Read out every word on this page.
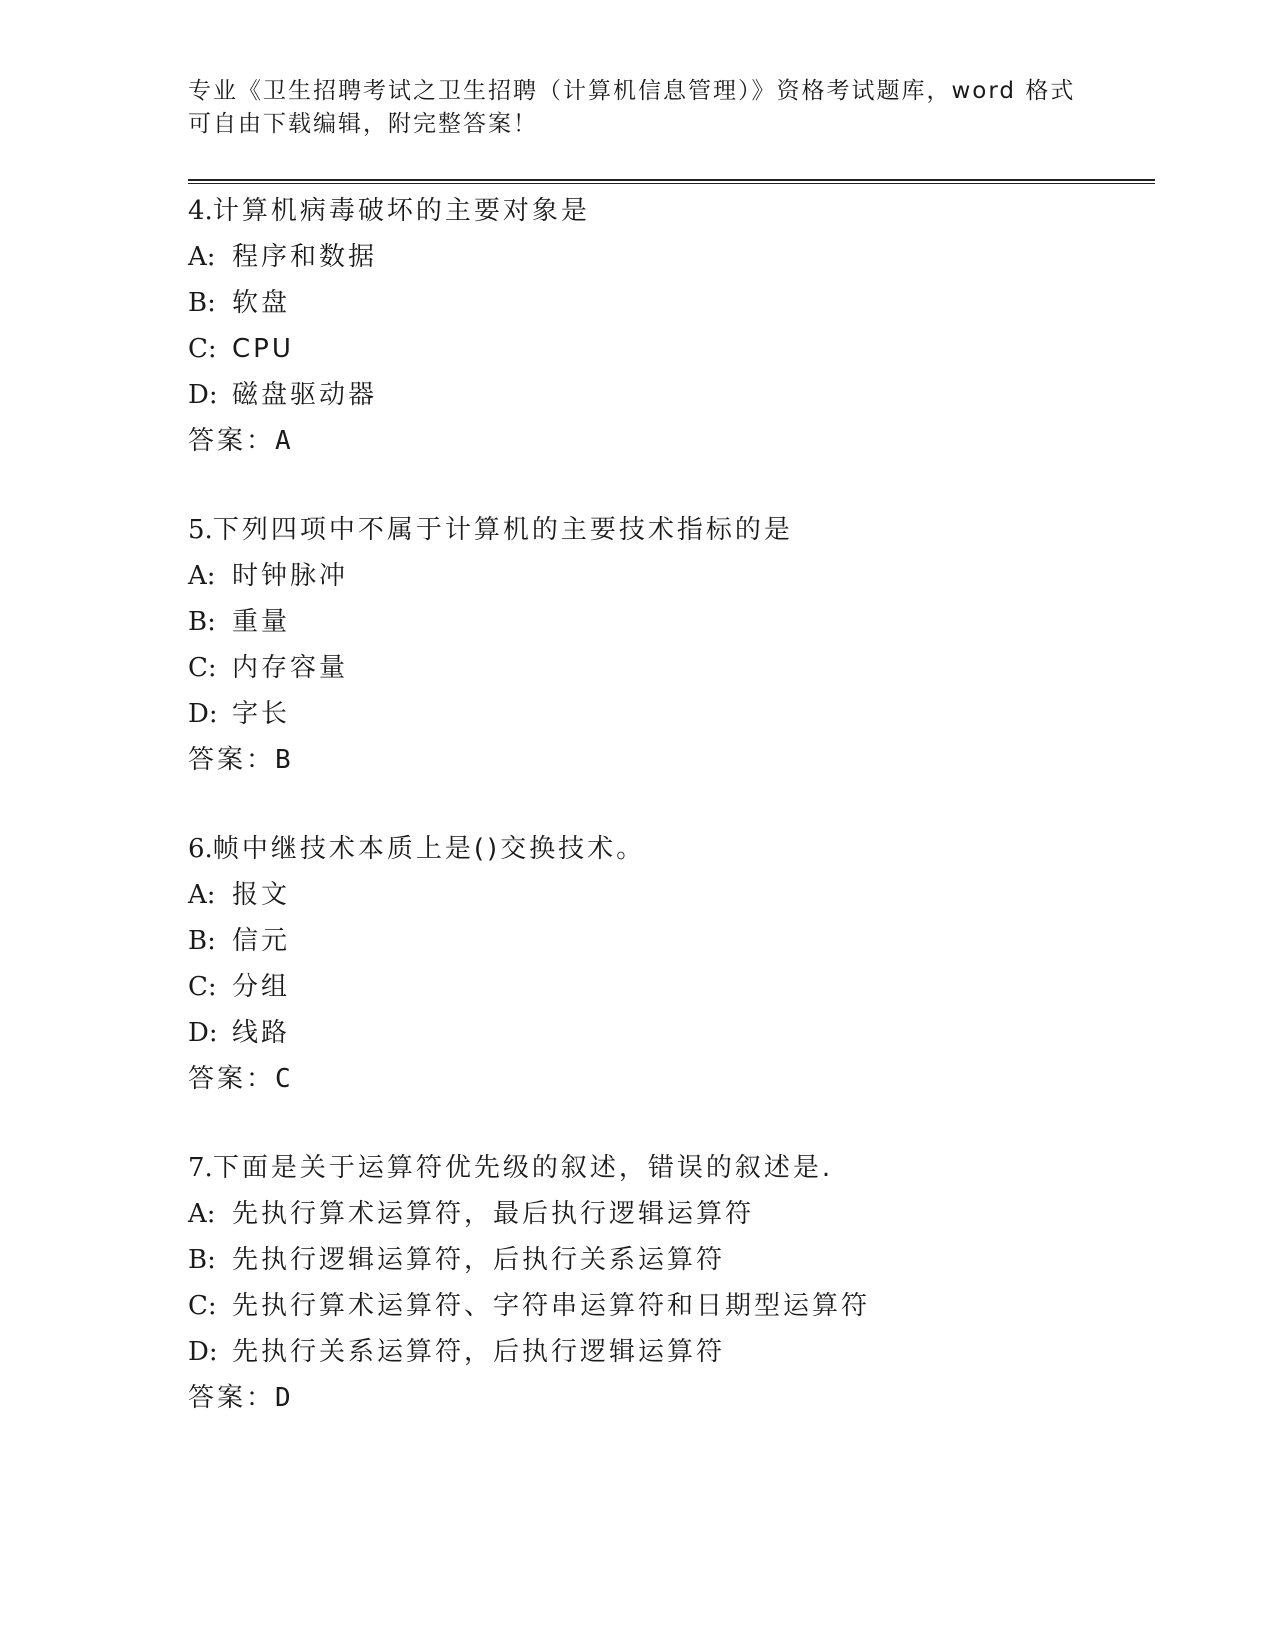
专业《卫生招聘考试之卫生招聘（计算机信息管理）》资格考试题库，word 格式
可自由下载编辑，附完整答案！
4.计算机病毒破坏的主要对象是
A: 程序和数据
B: 软盘
C: CPU
D: 磁盘驱动器
答案：A
5.下列四项中不属于计算机的主要技术指标的是
A: 时钟脉冲
B: 重量
C: 内存容量
D: 字长
答案：B
6.帧中继技术本质上是()交换技术。
A: 报文
B: 信元
C: 分组
D: 线路
答案：C
7.下面是关于运算符优先级的叙述，错误的叙述是.
A: 先执行算术运算符，最后执行逻辑运算符
B: 先执行逻辑运算符，后执行关系运算符
C: 先执行算术运算符、字符串运算符和日期型运算符
D: 先执行关系运算符，后执行逻辑运算符
答案：D
